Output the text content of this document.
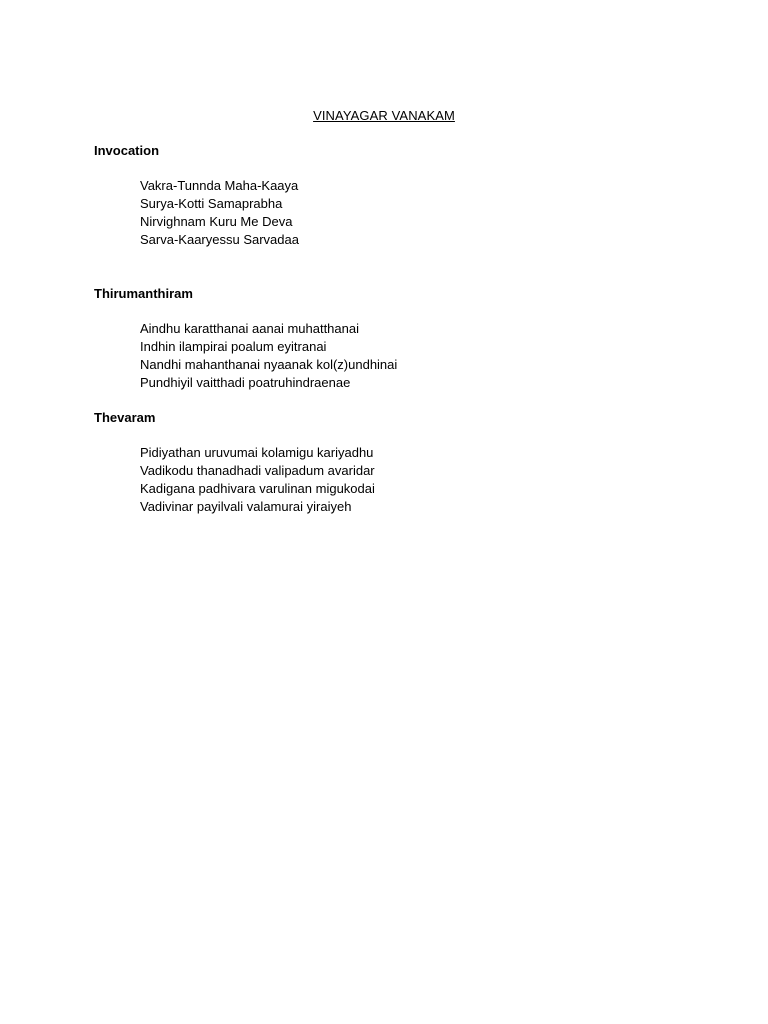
VINAYAGAR VANAKAM
Invocation
Vakra-Tunnda Maha-Kaaya
Surya-Kotti Samaprabha
Nirvighnam Kuru Me Deva
Sarva-Kaaryessu Sarvadaa
Thirumanthiram
Aindhu karatthanai aanai muhatthanai
Indhin ilampirai poalum eyitranai
Nandhi mahanthanai nyaanak kol(z)undhinai
Pundhiyil vaitthadi poatruhindraenae
Thevaram
Pidiyathan uruvumai kolamigu kariyadhu
Vadikodu thanadhadi valipadum avaridar
Kadigana padhivara varulinan migukodai
Vadivinar payilvali valamurai yiraiyeh
